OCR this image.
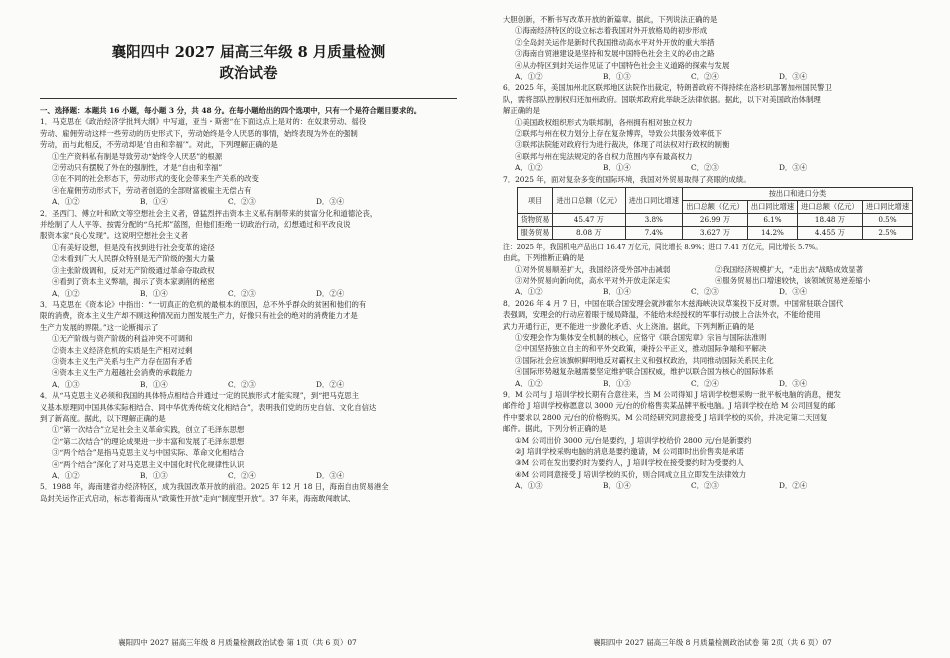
襄阳四中 2027 届高三年级 8 月质量检测

政治试卷

一、选择题：本题共 16 小题，每小题 3 分，共 48 分。在每小题给出的四个选项中，只有一个是符合题目要求的。

1．马克思在《政治经济学批判大纲》中写道，亚当・斯密“在下面这点上是对的：在奴隶劳动、徭役

劳动、雇佣劳动这样一些劳动的历史形式下，劳动始终是令人厌恶的事情，始终表现为外在的强制

劳动，而与此相反，不劳动却是‘自由和幸福’”。对此，下列理解正确的是

①生产资料私有制是导致劳动“始终令人厌恶”的根源

②劳动只有摆脱了外在的强制性，才是“自由和幸福”

③在不同的社会形态下，劳动形式的变化会带来生产关系的改变

④在雇佣劳动形式下，劳动者创造的全部财富被雇主无偿占有

A．①②	B．①④	C．②③	D．③④

2．圣西门、傅立叶和欧文等空想社会主义者，曾猛烈抨击资本主义私有制带来的贫富分化和道德沦丧，

并绘制了人人平等、按需分配的“乌托邦”蓝图，但他们拒绝一切政治行动，幻想通过和平改良说

服资本家“良心发现”。这说明空想社会主义者

①有美好设想，但是没有找到进行社会变革的途径

②未看到广大人民群众特别是无产阶级的强大力量

③主张阶级调和，反对无产阶级通过革命夺取政权

④看到了资本主义弊端，揭示了资本家剥削的秘密

A．①②	B．①④	C．②③	D．②④

3．马克思在《资本论》中指出：“一切真正的危机的最根本的原因，总不外乎群众的贫困和他们的有

限的消费，资本主义生产却不顾这种情况而力图发展生产力，好像只有社会的绝对的消费能力才是

生产力发展的界限。”这一论断揭示了

①无产阶级与资产阶级的利益冲突不可调和

②资本主义经济危机的实质是生产相对过剩

③资本主义生产关系与生产力存在固有矛盾

④资本主义生产力超越社会消费的承载能力

A．①③	B．①④	C．②③	D．②④

4．从“马克思主义必须和我国的具体特点相结合并通过一定的民族形式才能实现”，到“把马克思主

义基本原理同中国具体实际相结合、同中华优秀传统文化相结合”，表明我们党的历史自信、文化自信达

到了新高度。据此，以下理解正确的是

①“第一次结合”立足社会主义革命实践，创立了毛泽东思想

②“第二次结合”的理论成果进一步丰富和发展了毛泽东思想

③“两个结合”是指马克思主义与中国实际、革命文化相结合

④“两个结合”深化了对马克思主义中国化时代化规律性认识

A．①②	B．①③	C．②④	D．③④

5．1988 年，海南建省办经济特区，成为我国改革开放的前沿。2025 年 12 月 18 日，海南自由贸易港全

岛封关运作正式启动，标志着海南从“政策性开放”走向“制度型开放”。37 年来，海南敢闯敢试、

襄阳四中 2027 届高三年级 8 月质量检测政治试卷 第 1页（共 6 页）07

大胆创新，不断书写改革开放的新篇章。据此，下列说法正确的是

①海南经济特区的设立标志着我国对外开放格局的初步形成

②全岛封关运作是新时代我国推动高水平对外开放的重大举措

③海南自贸港建设是坚持和发展中国特色社会主义的必由之路

④从办特区到封关运作见证了中国特色社会主义道路的探索与发展

A．①②	B．①③	C．②④	D．③④

6．2025 年，美国加州北区联邦地区法院作出裁定，特朗普政府不得持续在洛杉矶部署加州国民警卫

队，需将部队控制权归还加州政府。国联邦政府此举缺乏法律依据。据此，以下对美国政治体制理

解正确的是

①美国政权组织形式为联邦制，各州拥有相对独立权力

②联邦与州在权力划分上存在复杂博弈，导致公共服务效率低下

③联邦法院能对政府行为进行裁决，体现了司法权对行政权的制衡

④联邦与州在宪法规定的各自权力范围内享有最高权力

A．①②	B．①④	C．②③	D．③④

7．2025 年，面对复杂多变的国际环境，我国对外贸易取得了亮眼的成绩。

项目	进出口总额（亿元）	进出口同比增速	按出口和进口分类			
			出口总额（亿元）	出口同比增速	进口总额（亿元）	进口同比增速
货物贸易	45.47 万	3.8%	26.99 万	6.1%	18.48 万	0.5%
服务贸易	8.08 万	7.4%	3.627 万	14.2%	4.455 万	2.5%

注：2025 年，我国机电产品出口 16.47 万亿元，同比增长 8.9%；进口 7.41 万亿元，同比增长 5.7%。

由此，下列推断正确的是

①对外贸易顺差扩大，我国经济受外部冲击减弱	②我国经济规模扩大，“走出去”战略成效显著
③对外贸易向新向优，高水平对外开放走深走实	④服务贸易出口增速较快，该领域贸易逆差缩小
A．①②	B．①④	C．②③	D．③④

8．2026 年 4 月 7 日，中国在联合国安理会就涉霍尔木兹海峡决议草案投下反对票。中国常驻联合国代

表强调，安理会的行动应着眼于缓局降温，不能给未经授权的军事行动披上合法外衣，不能给使用

武力开通行正，更不能进一步激化矛盾、火上浇油。据此，下列判断正确的是

①安理会作为集体安全机制的核心，应恪守《联合国宪章》宗旨与国际法准则

②中国坚持独立自主的和平外交政策，秉持公平正义，推动国际争端和平解决

③国际社会应该旗帜鲜明地反对霸权主义和强权政治，共同推动国际关系民主化

④国际形势越复杂越需要坚定维护联合国权威，维护以联合国为核心的国际体系

A．①②	B．①③	C．②④	D．③④

9．M 公司与 J 培训学校长期有合意往来，当 M 公司得知 J 培训学校想采购一批平板电脑的消息，便发

邮件给 J 培训学校称愿意以 3000 元/台的价格售卖某品牌平板电脑。J 培训学校在给 M 公司回复的邮

件中要求以 2800 元/台的价格购买。M 公司经研究同意接受 J 培训学校的买价，并决定第二天回复

邮件。据此，下列分析正确的是

①M 公司出价 3000 元/台是要约，J 培训学校给价 2800 元/台是新要约

②J 培训学校采购电脑的消息是要约邀请，M 公司即时出价售卖是承诺

③M 公司在发出要约时为要约人，J 培训学校在接受要约时为受要约人

④M 公司同意接受 J 培训学校的买价，则合同成立且立即发生法律效力

A．①③	B．①④	C．②③	D．②④
襄阳四中 2027 届高三年级 8 月质量检测政治试卷 第 2页（共 6 页）07
